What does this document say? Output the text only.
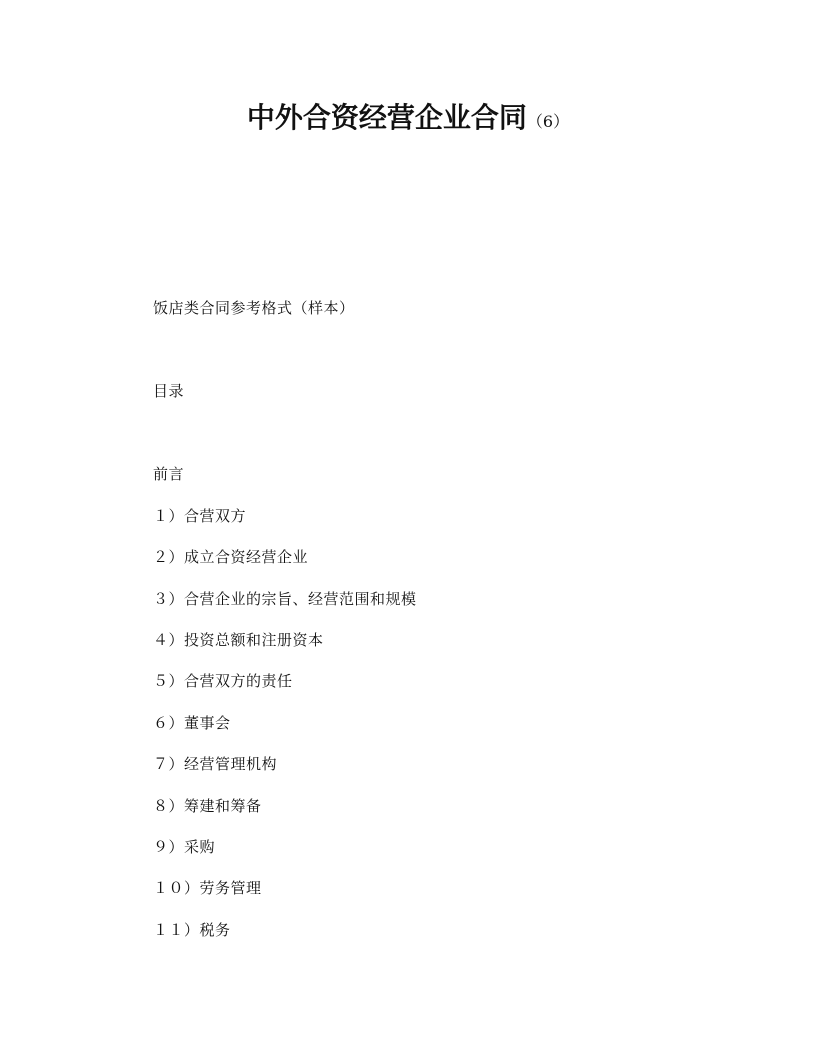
中外合资经营企业合同（6）
饭店类合同参考格式（样本）
目录
前言
１）合营双方
２）成立合资经营企业
３）合营企业的宗旨、经营范围和规模
４）投资总额和注册资本
５）合营双方的责任
６）董事会
７）经营管理机构
８）筹建和筹备
９）采购
１０）劳务管理
１１）税务
